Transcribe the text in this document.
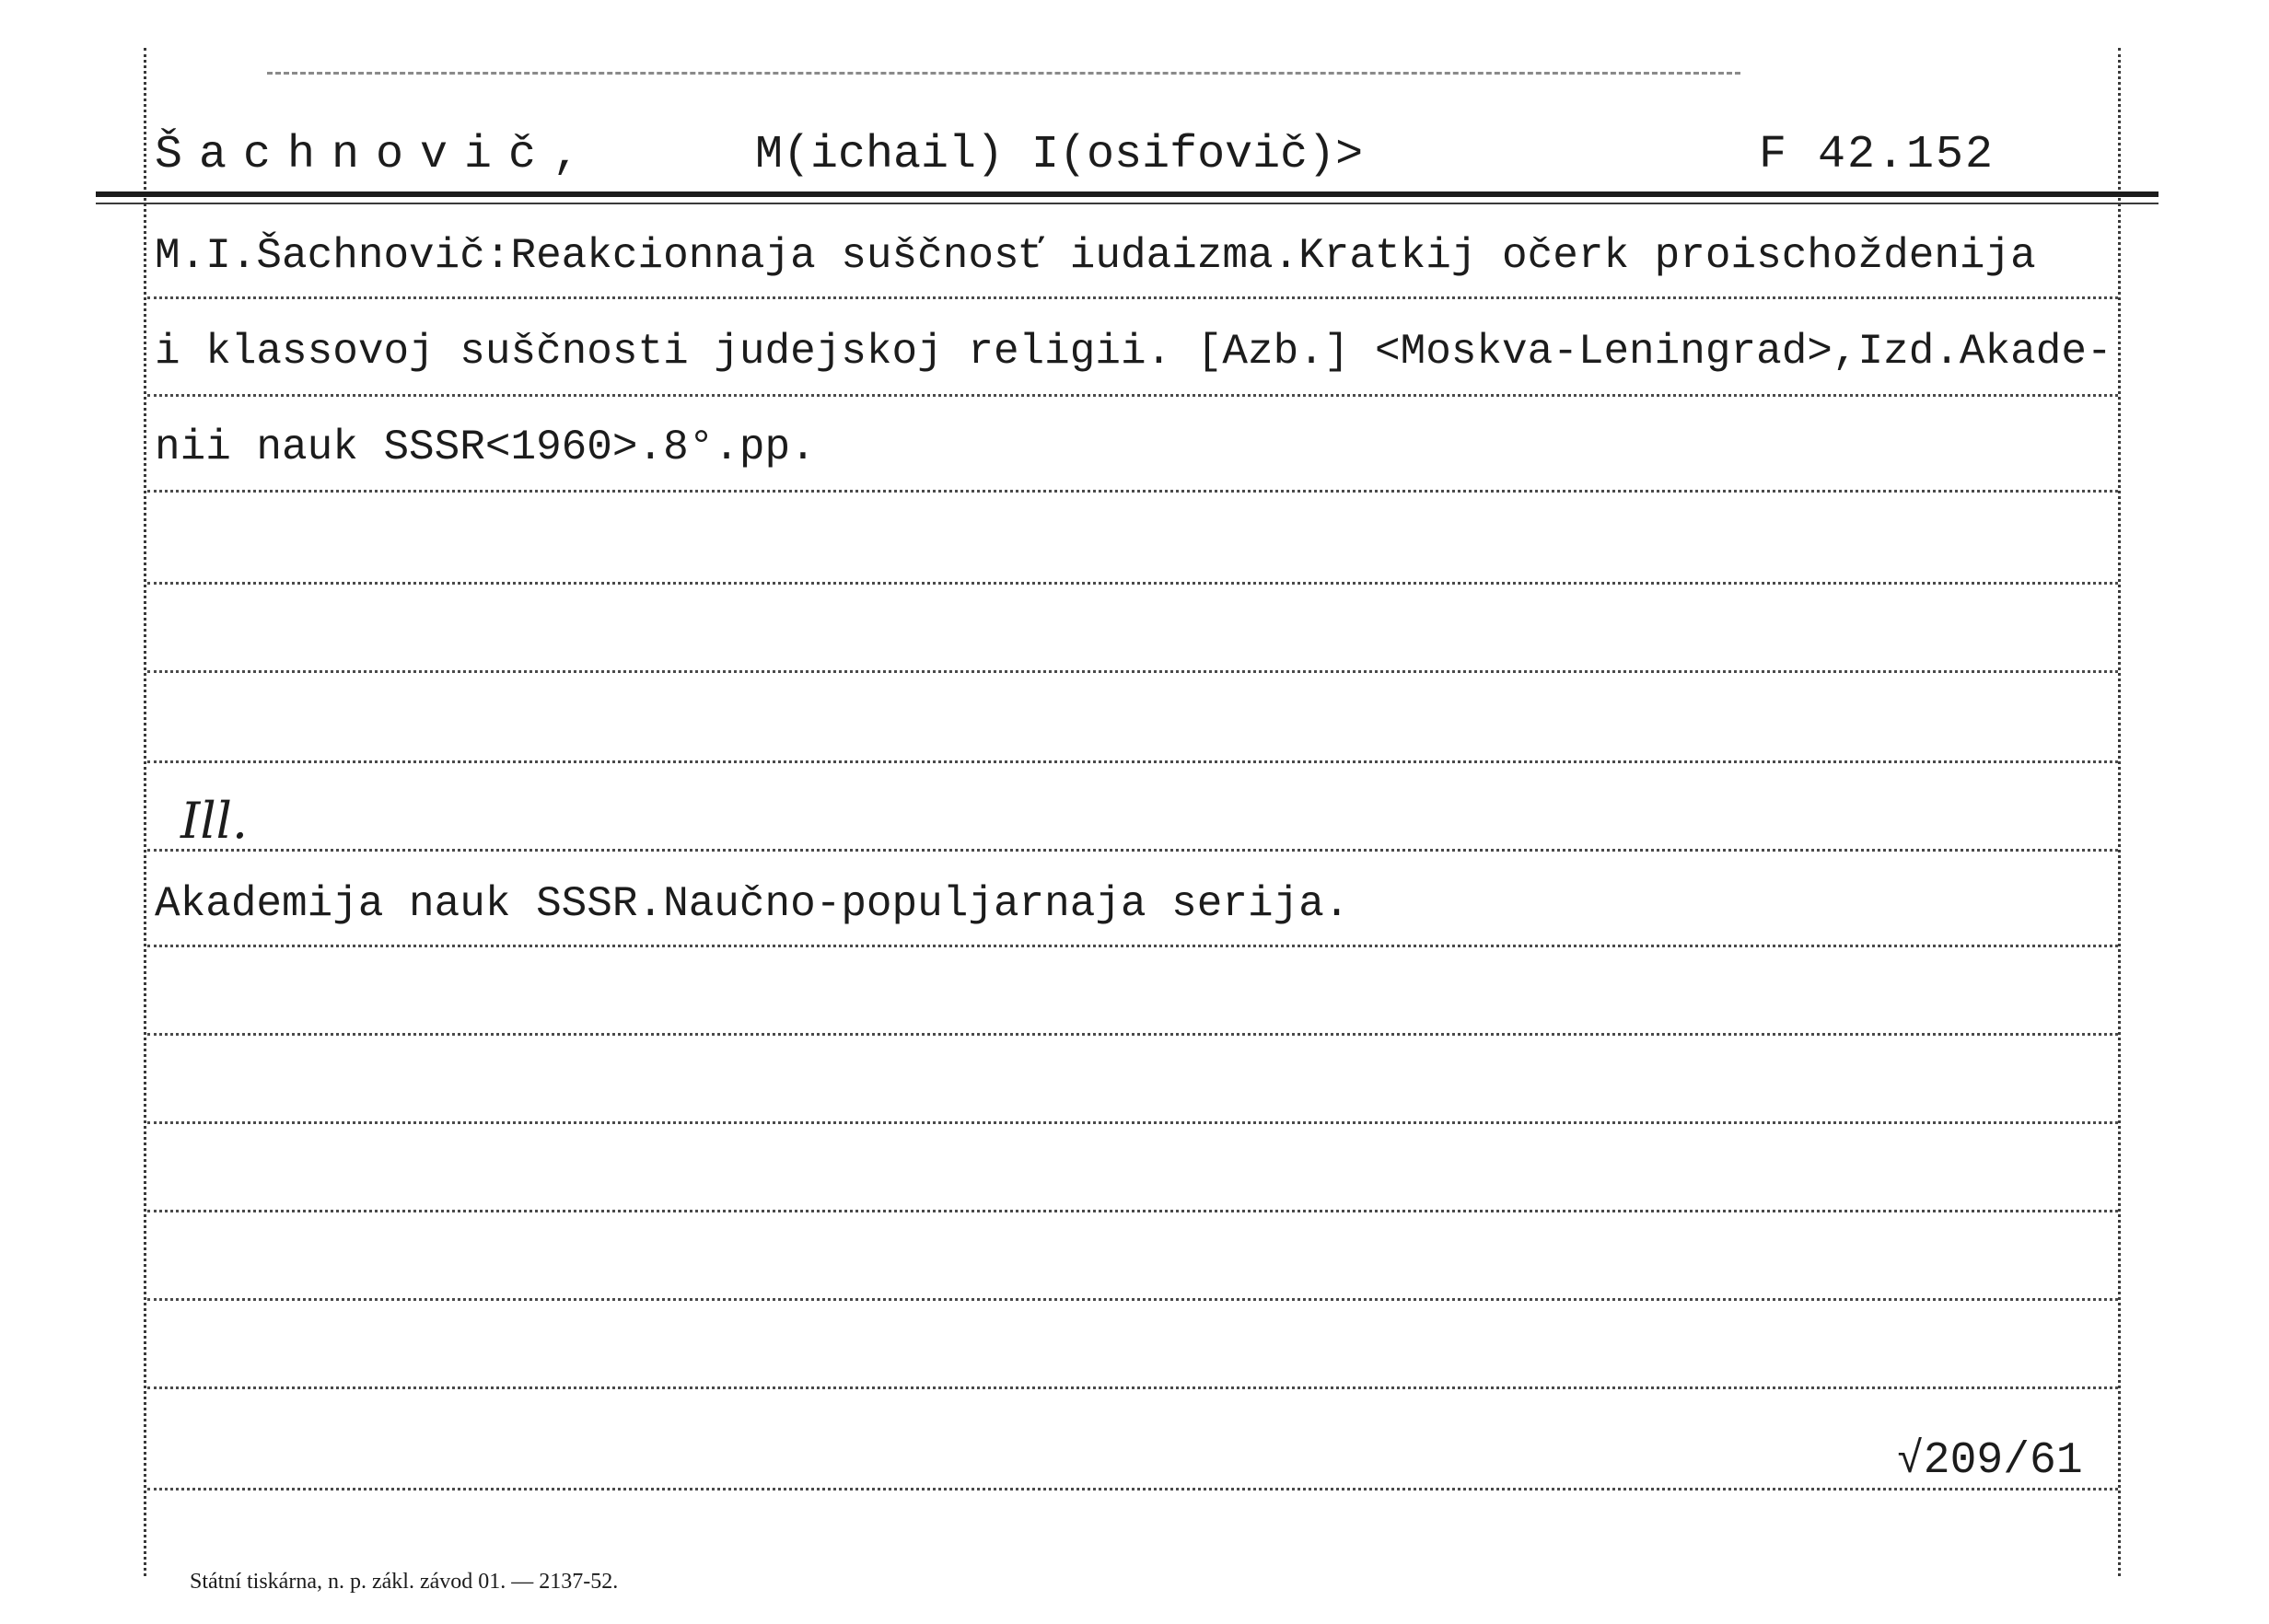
Šachnovič,	M(ichail) I(osifovič)>	F 42.152
M.I.Šachnovič:Reakcionnaja suščnosť iudaizma.Kratkij očerk proischoždenija
i klassovoj suščnosti judejskoj religii. [Azb.] <Moskva-Leningrad>,Izd.Akade-
nii nauk SSSR<1960>.8°.pp.
Ill.
Akademija nauk SSSR.Naučno-populjarnaja serija.
√209/61
Státní tiskárna, n. p. zákl. závod 01. — 2137-52.
